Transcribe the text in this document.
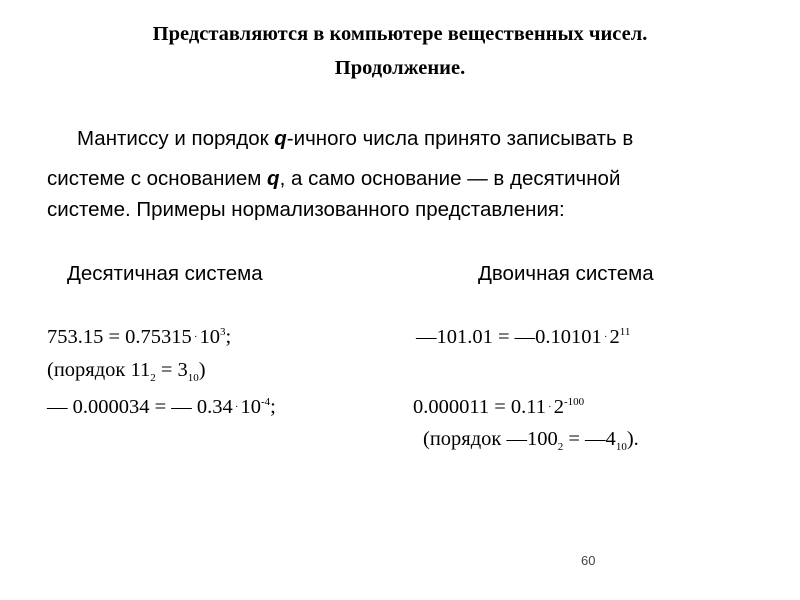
Представляются в компьютере вещественных чисел.
Продолжение.
Мантиссу и порядок q-ичного числа принято записывать в
системе с основанием q, а само основание — в десятичной
системе. Примеры нормализованного представления:
Десятичная система	Двоичная система
$753.15 = 0.75315 \cdot 10^3$;
(порядок $11_2 = 3_{10}$)
— 0.000034 = — $0.34 \cdot 10^{-4}$;
—101.01 = —0.10101 $\cdot 2^{11}$
$0.000011 = 0.11 \cdot 2^{-100}$
(порядок $—100_2$ = $—4_{10}$).
60
